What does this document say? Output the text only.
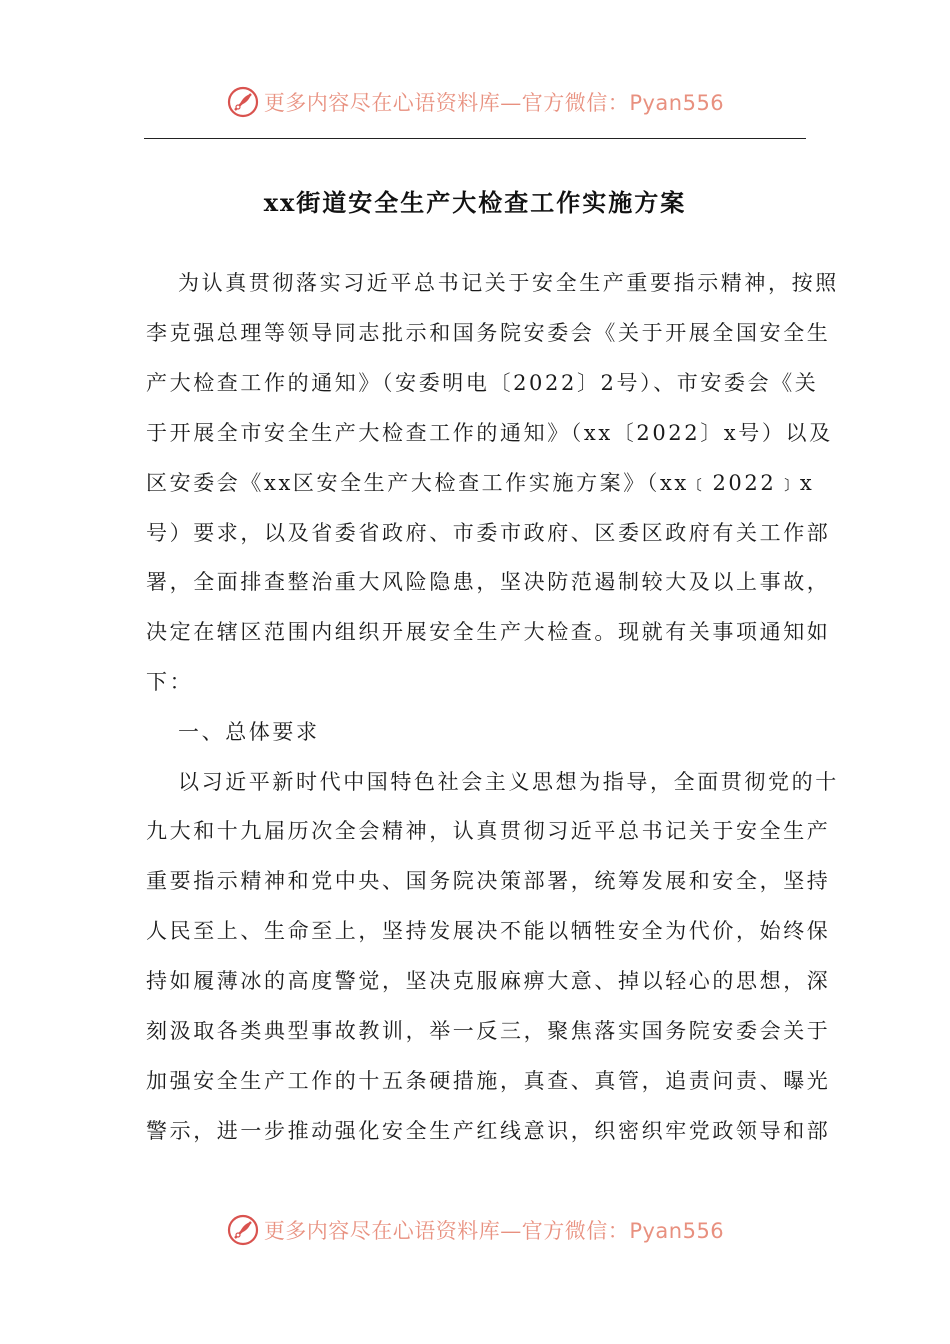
更多内容尽在心语资料库—官方微信：Pyan556
xx街道安全生产大检查工作实施方案
为认真贯彻落实习近平总书记关于安全生产重要指示精神，按照
李克强总理等领导同志批示和国务院安委会《关于开展全国安全生
产大检查工作的通知》（安委明电〔2022〕2号）、市安委会《关
于开展全市安全生产大检查工作的通知》（xx〔2022〕x号）以及
区安委会《xx区安全生产大检查工作实施方案》（xx﹝2022﹞x
号）要求，以及省委省政府、市委市政府、区委区政府有关工作部
署，全面排查整治重大风险隐患，坚决防范遏制较大及以上事故，
决定在辖区范围内组织开展安全生产大检查。现就有关事项通知如
下：
一、总体要求
以习近平新时代中国特色社会主义思想为指导，全面贯彻党的十
九大和十九届历次全会精神，认真贯彻习近平总书记关于安全生产
重要指示精神和党中央、国务院决策部署，统筹发展和安全，坚持
人民至上、生命至上，坚持发展决不能以牺牲安全为代价，始终保
持如履薄冰的高度警觉，坚决克服麻痹大意、掉以轻心的思想，深
刻汲取各类典型事故教训，举一反三，聚焦落实国务院安委会关于
加强安全生产工作的十五条硬措施，真查、真管，追责问责、曝光
警示，进一步推动强化安全生产红线意识，织密织牢党政领导和部
更多内容尽在心语资料库—官方微信：Pyan556
